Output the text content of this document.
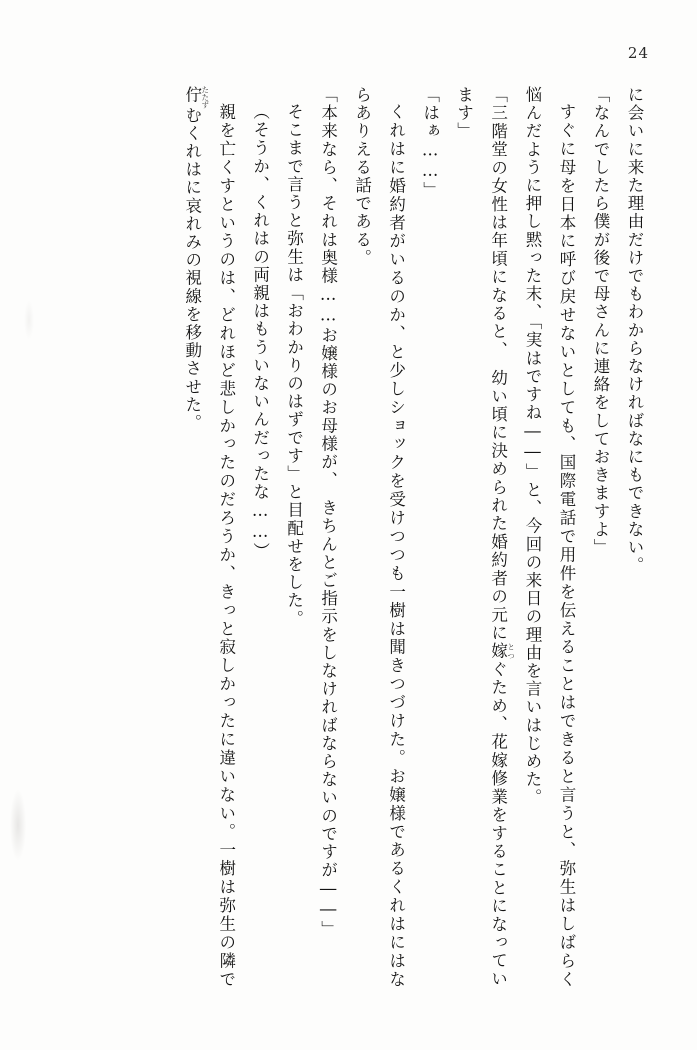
24

に会いに来た理由だけでもわからなければなにもできない。

「なんでしたら僕が後で母さんに連絡をしておきますよ」

すぐに母を日本に呼び戻せないとしても、国際電話で用件を伝えることはできると言うと、弥生はしばらく悩んだように押し黙った末、「実はですね――」と、今回の来日の理由を言いはじめた。

「三階堂の女性は年頃になると、　幼い頃に決められた婚約者の元に嫁 とつぐため、花嫁修業をすることになっています」

「はぁ……」

くれはに婚約者がいるのか、と少しショックを受けつつも一樹は聞きつづけた。お嬢様であるくれはにはならありえる話である。

「本来なら、それは奥様……お嬢様のお母様が、　きちんとご指示をしなければならないのですが――」

そこまで言うと弥生は「おわかりのはずです」と目配せをした。

（そうか、くれはの両親はもういないんだったな……）

親を亡くすというのは、どれほど悲しかったのだろうか、きっと寂しかったに違いない。一樹は弥生の隣で佇 たたずむくれはに哀れみの視線を移動させた。
